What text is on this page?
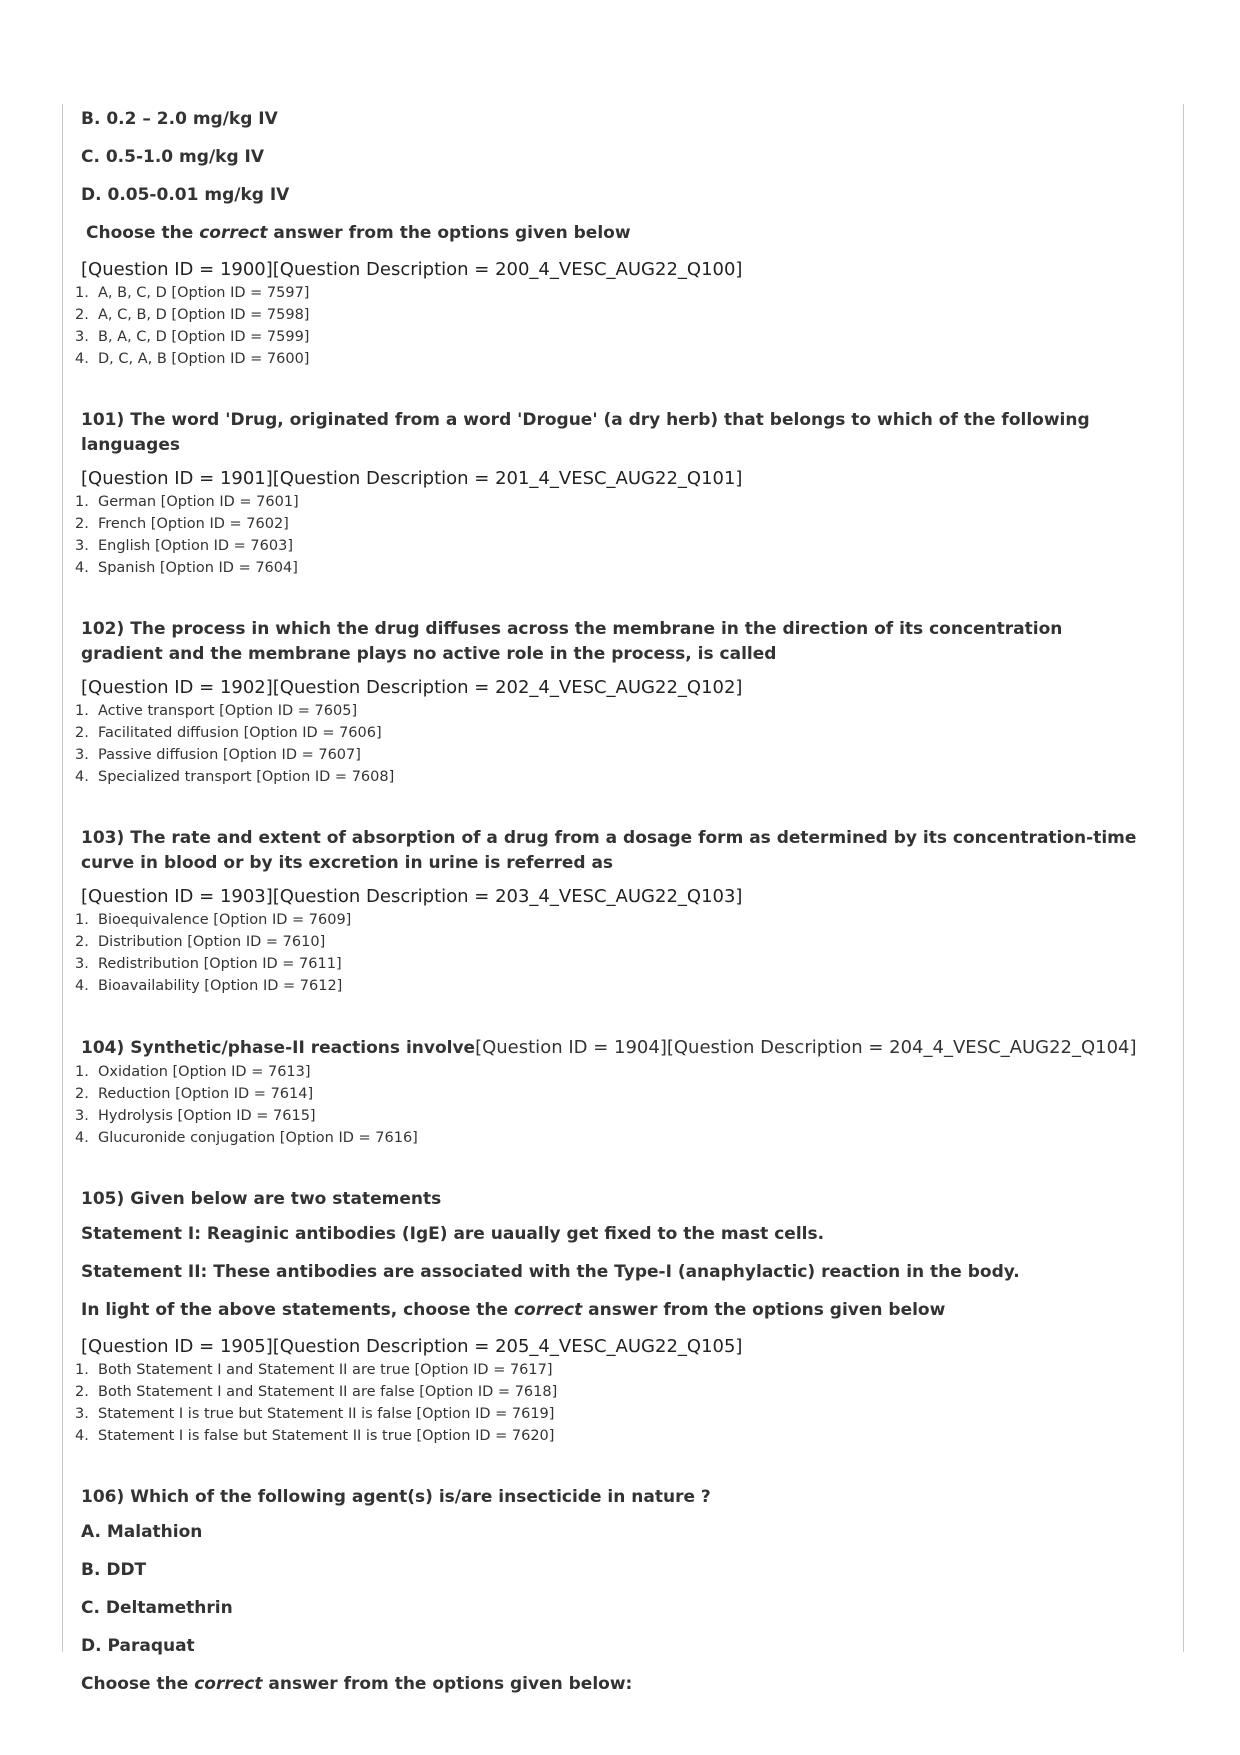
B. 0.2 – 2.0 mg/kg IV
C. 0.5-1.0 mg/kg IV
D. 0.05-0.01 mg/kg IV
Choose the correct answer from the options given below
[Question ID = 1900][Question Description = 200_4_VESC_AUG22_Q100]
1. A, B, C, D [Option ID = 7597]
2. A, C, B, D [Option ID = 7598]
3. B, A, C, D [Option ID = 7599]
4. D, C, A, B [Option ID = 7600]
101) The word 'Drug, originated from a word 'Drogue' (a dry herb) that belongs to which of the following languages
[Question ID = 1901][Question Description = 201_4_VESC_AUG22_Q101]
1. German [Option ID = 7601]
2. French [Option ID = 7602]
3. English [Option ID = 7603]
4. Spanish [Option ID = 7604]
102) The process in which the drug diffuses across the membrane in the direction of its concentration gradient and the membrane plays no active role in the process, is called
[Question ID = 1902][Question Description = 202_4_VESC_AUG22_Q102]
1. Active transport [Option ID = 7605]
2. Facilitated diffusion [Option ID = 7606]
3. Passive diffusion [Option ID = 7607]
4. Specialized transport [Option ID = 7608]
103) The rate and extent of absorption of a drug from a dosage form as determined by its concentration-time curve in blood or by its excretion in urine is referred as
[Question ID = 1903][Question Description = 203_4_VESC_AUG22_Q103]
1. Bioequivalence [Option ID = 7609]
2. Distribution [Option ID = 7610]
3. Redistribution [Option ID = 7611]
4. Bioavailability [Option ID = 7612]
104) Synthetic/phase-II reactions involve[Question ID = 1904][Question Description = 204_4_VESC_AUG22_Q104]
1. Oxidation [Option ID = 7613]
2. Reduction [Option ID = 7614]
3. Hydrolysis [Option ID = 7615]
4. Glucuronide conjugation [Option ID = 7616]
105) Given below are two statements
Statement I: Reaginic antibodies (IgE) are uaually get fixed to the mast cells.
Statement II: These antibodies are associated with the Type-I (anaphylactic) reaction in the body.
In light of the above statements, choose the correct answer from the options given below
[Question ID = 1905][Question Description = 205_4_VESC_AUG22_Q105]
1. Both Statement I and Statement II are true [Option ID = 7617]
2. Both Statement I and Statement II are false [Option ID = 7618]
3. Statement I is true but Statement II is false [Option ID = 7619]
4. Statement I is false but Statement II is true [Option ID = 7620]
106) Which of the following agent(s) is/are insecticide in nature ?
A. Malathion
B. DDT
C. Deltamethrin
D. Paraquat
Choose the correct answer from the options given below:
